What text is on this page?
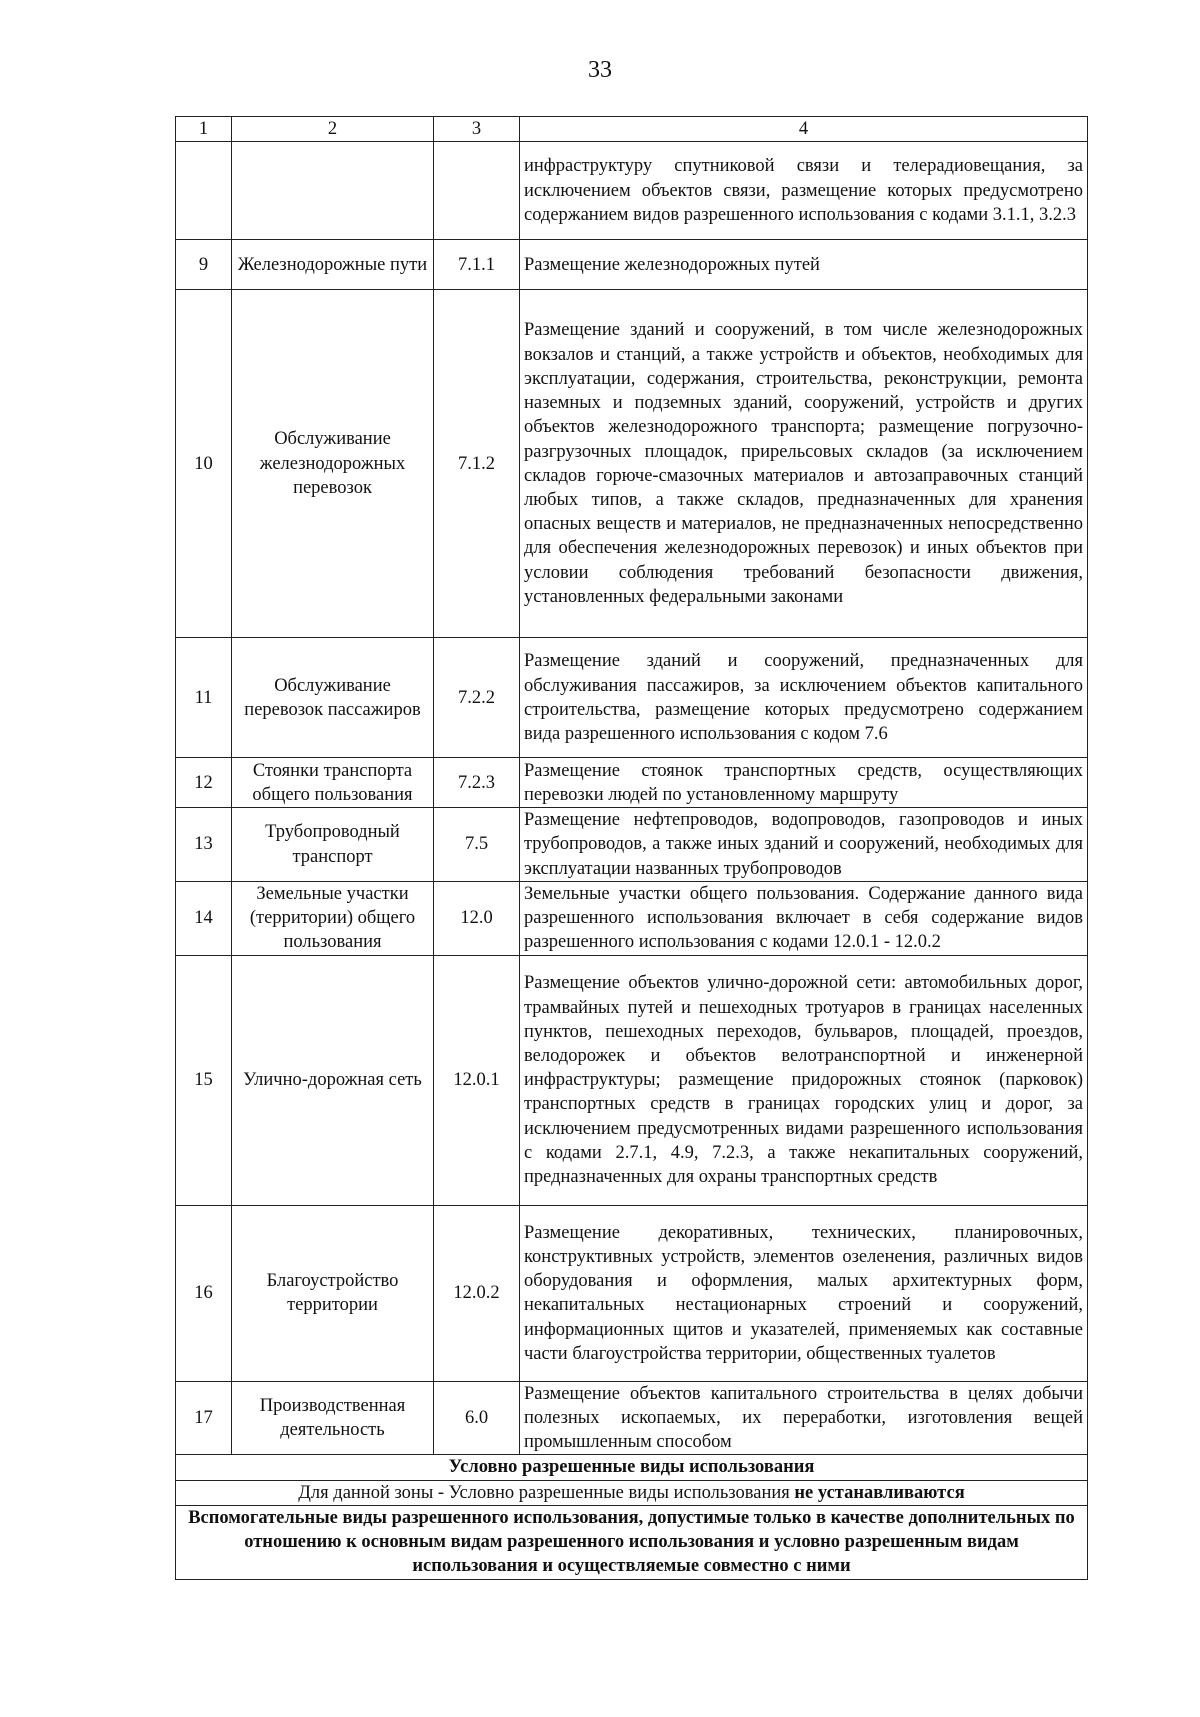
33
1	2	3	4
			инфраструктуру спутниковой связи и телерадиовещания, за исключением объектов связи, размещение которых предусмотрено содержанием видов разрешенного использования с кодами 3.1.1, 3.2.3
9	Железнодорожные пути	7.1.1	Размещение железнодорожных путей
10	Обслуживание железнодорожных перевозок	7.1.2	Размещение зданий и сооружений, в том числе железнодорожных вокзалов и станций, а также устройств и объектов, необходимых для эксплуатации, содержания, строительства, реконструкции, ремонта наземных и подземных зданий, сооружений, устройств и других объектов железнодорожного транспорта; размещение погрузочно-разгрузочных площадок, прирельсовых складов (за исключением складов горюче-смазочных материалов и автозаправочных станций любых типов, а также складов, предназначенных для хранения опасных веществ и материалов, не предназначенных непосредственно для обеспечения железнодорожных перевозок) и иных объектов при условии соблюдения требований безопасности движения, установленных федеральными законами
11	Обслуживание перевозок пассажиров	7.2.2	Размещение зданий и сооружений, предназначенных для обслуживания пассажиров, за исключением объектов капитального строительства, размещение которых предусмотрено содержанием вида разрешенного использования с кодом 7.6
12	Стоянки транспорта общего пользования	7.2.3	Размещение стоянок транспортных средств, осуществляющих перевозки людей по установленному маршруту
13	Трубопроводный транспорт	7.5	Размещение нефтепроводов, водопроводов, газопроводов и иных трубопроводов, а также иных зданий и сооружений, необходимых для эксплуатации названных трубопроводов
14	Земельные участки (территории) общего пользования	12.0	Земельные участки общего пользования. Содержание данного вида разрешенного использования включает в себя содержание видов разрешенного использования с кодами 12.0.1 - 12.0.2
15	Улично-дорожная сеть	12.0.1	Размещение объектов улично-дорожной сети: автомобильных дорог, трамвайных путей и пешеходных тротуаров в границах населенных пунктов, пешеходных переходов, бульваров, площадей, проездов, велодорожек и объектов велотранспортной и инженерной инфраструктуры; размещение придорожных стоянок (парковок) транспортных средств в границах городских улиц и дорог, за исключением предусмотренных видами разрешенного использования с кодами 2.7.1, 4.9, 7.2.3, а также некапитальных сооружений, предназначенных для охраны транспортных средств
16	Благоустройство территории	12.0.2	Размещение декоративных, технических, планировочных, конструктивных устройств, элементов озеленения, различных видов оборудования и оформления, малых архитектурных форм, некапитальных нестационарных строений и сооружений, информационных щитов и указателей, применяемых как составные части благоустройства территории, общественных туалетов
17	Производственная деятельность	6.0	Размещение объектов капитального строительства в целях добычи полезных ископаемых, их переработки, изготовления вещей промышленным способом
Условно разрешенные виды использования			
Для данной зоны - Условно разрешенные виды использования не устанавливаются			
Вспомогательные виды разрешенного использования, допустимые только в качестве дополнительных по отношению к основным видам разрешенного использования и условно разрешенным видам использования и осуществляемые совместно с ними			
